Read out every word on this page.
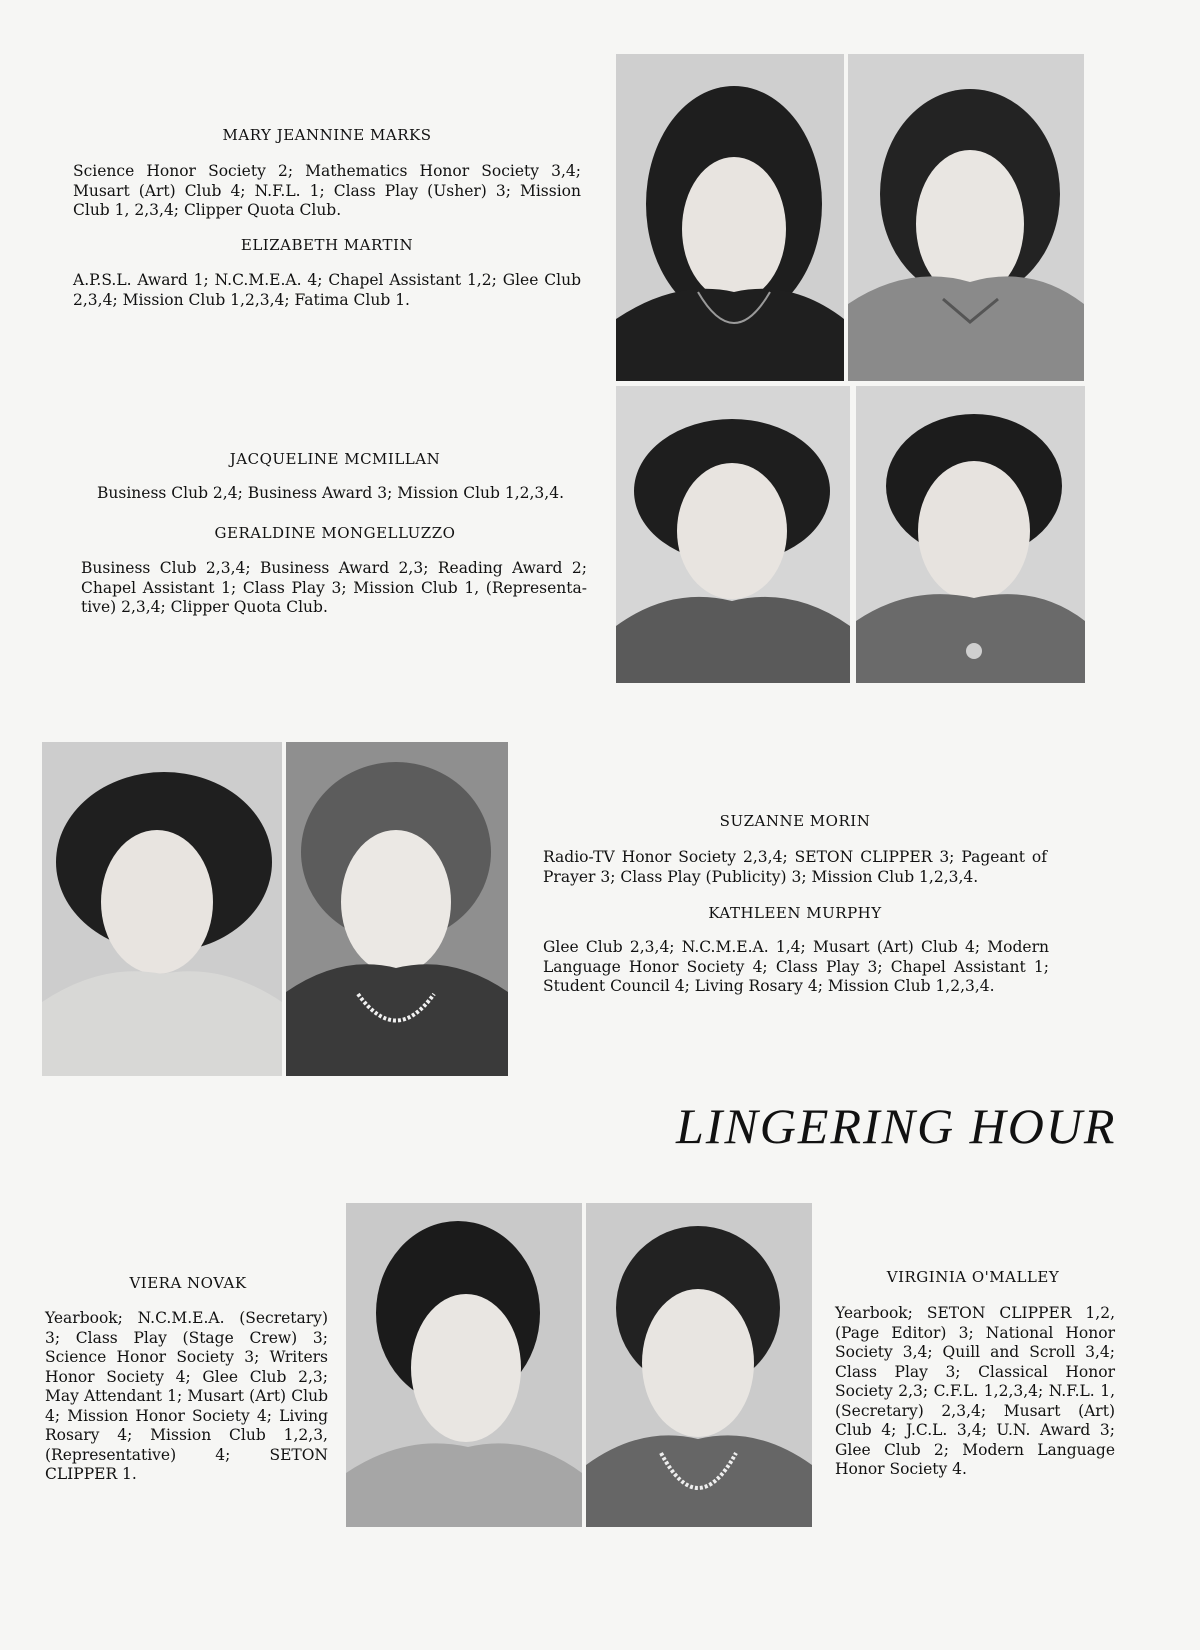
MARY JEANNINE MARKS
Science Honor Society 2; Mathematics Honor Society 3,4; Musart (Art) Club 4; N.F.L. 1; Class Play (Usher) 3; Mission Club 1, 2,3,4; Clipper Quota Club.
ELIZABETH MARTIN
A.P.S.L. Award 1; N.C.M.E.A. 4; Chapel Assistant 1,2; Glee Club 2,3,4; Mission Club 1,2,3,4; Fatima Club 1.
JACQUELINE MCMILLAN
Business Club 2,4; Business Award 3; Mission Club 1,2,3,4.
GERALDINE MONGELLUZZO
Business Club 2,3,4; Business Award 2,3; Reading Award 2; Chapel Assistant 1; Class Play 3; Mission Club 1, (Representa-tive) 2,3,4; Clipper Quota Club.
SUZANNE MORIN
Radio-TV Honor Society 2,3,4; SETON CLIPPER 3; Pageant of Prayer 3; Class Play (Publicity) 3; Mission Club 1,2,3,4.
KATHLEEN MURPHY
Glee Club 2,3,4; N.C.M.E.A. 1,4; Musart (Art) Club 4; Modern Language Honor Society 4; Class Play 3; Chapel Assistant 1; Student Council 4; Living Rosary 4; Mission Club 1,2,3,4.
LINGERING HOUR
VIERA NOVAK
Yearbook; N.C.M.E.A. (Secretary) 3; Class Play (Stage Crew) 3; Science Honor Society 3; Writers Honor Society 4; Glee Club 2,3; May Attendant 1; Musart (Art) Club 4; Mission Honor Society 4; Living Rosary 4; Mission Club 1,2,3, (Representative) 4; SETON CLIPPER 1.
VIRGINIA O'MALLEY
Yearbook; SETON CLIPPER 1,2, (Page Editor) 3; National Honor Society 3,4; Quill and Scroll 3,4; Class Play 3; Classical Honor Society 2,3; C.F.L. 1,2,3,4; N.F.L. 1, (Secretary) 2,3,4; Musart (Art) Club 4; J.C.L. 3,4; U.N. Award 3; Glee Club 2; Modern Language Honor Society 4.
